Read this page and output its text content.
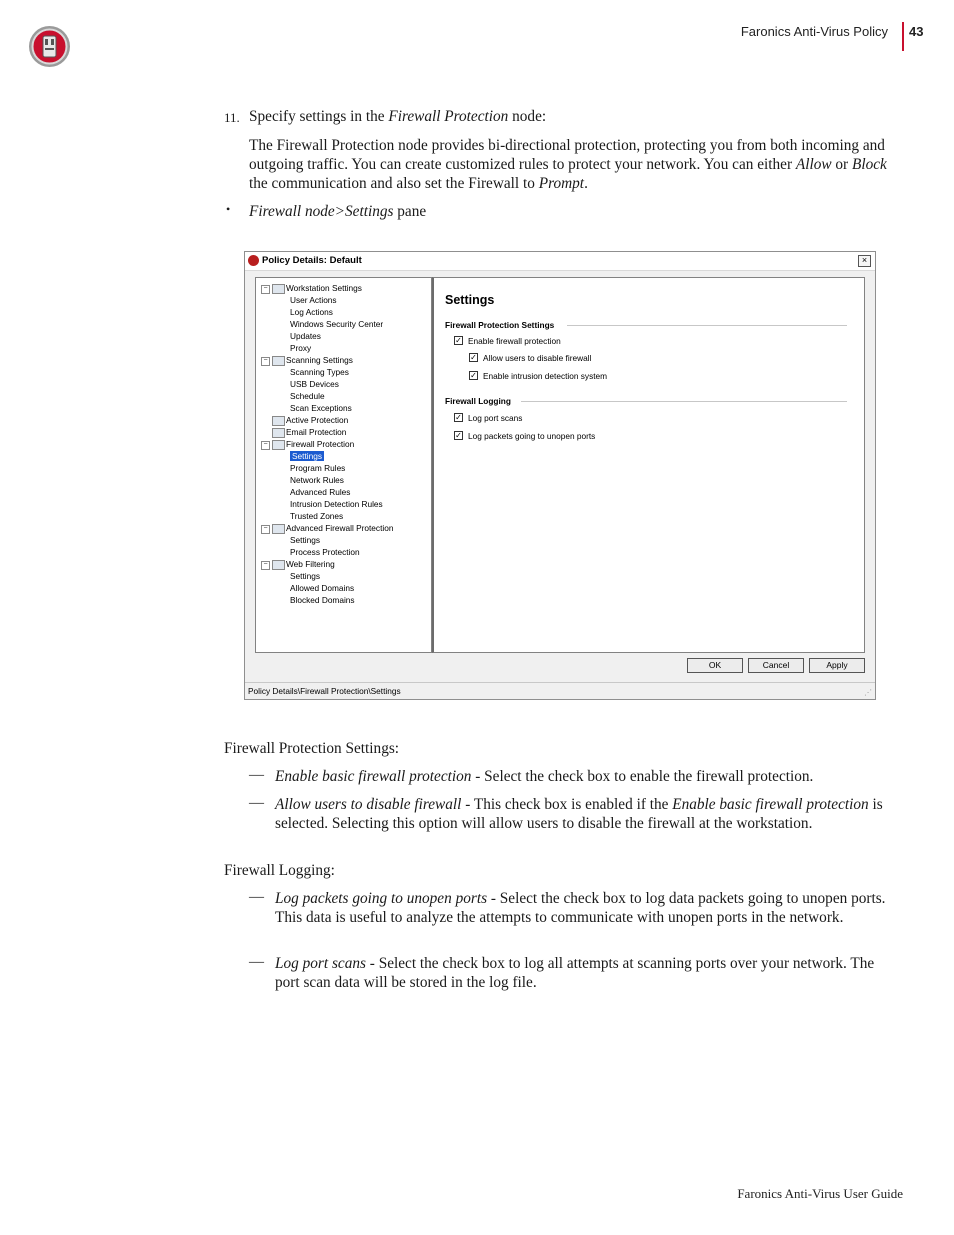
Faronics Anti-Virus Policy 43
11. Specify settings in the Firewall Protection node:
The Firewall Protection node provides bi-directional protection, protecting you from both incoming and outgoing traffic. You can create customized rules to protect your network. You can either Allow or Block the communication and also set the Firewall to Prompt.
• Firewall node>Settings pane
Policy Details: Default	×
− Workstation Settings
User Actions
Log Actions
Windows Security Center
Updates
Proxy
− Scanning Settings
Scanning Types
USB Devices
Schedule
Scan Exceptions
Active Protection
Email Protection
− Firewall Protection
Settings
Program Rules
Network Rules
Advanced Rules
Intrusion Detection Rules
Trusted Zones
− Advanced Firewall Protection
Settings
Process Protection
− Web Filtering
Settings
Allowed Domains
Blocked Domains
Settings
Firewall Protection Settings
✓ Enable firewall protection
✓ Allow users to disable firewall
✓ Enable intrusion detection system
Firewall Logging
✓ Log port scans
✓ Log packets going to unopen ports
OK	Cancel	Apply
Policy Details\Firewall Protection\Settings	⋰
Firewall Protection Settings:
— Enable basic firewall protection - Select the check box to enable the firewall protection.
— Allow users to disable firewall - This check box is enabled if the Enable basic firewall protection is selected. Selecting this option will allow users to disable the firewall at the workstation.
Firewall Logging:
— Log packets going to unopen ports - Select the check box to log data packets going to unopen ports. This data is useful to analyze the attempts to communicate with unopen ports in the network.
— Log port scans - Select the check box to log all attempts at scanning ports over your network. The port scan data will be stored in the log file.
Faronics Anti-Virus User Guide
